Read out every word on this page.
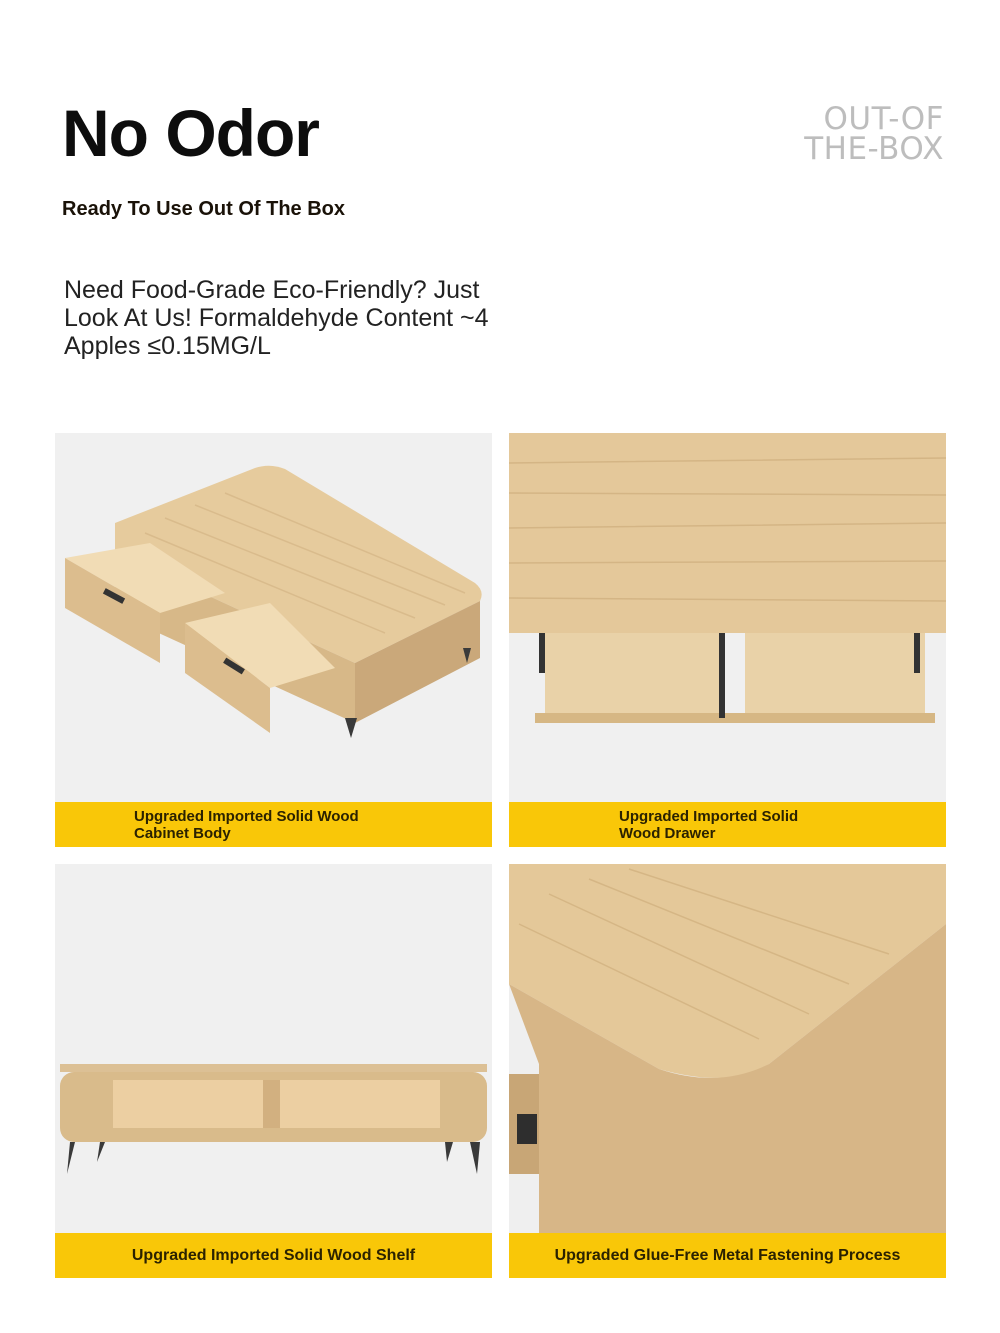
No Odor
Ready To Use Out Of The Box
OUT-OF
THE-BOX
Need Food-Grade Eco-Friendly? Just Look At Us! Formaldehyde Content ~4 Apples ≤0.15MG/L
Upgraded Imported Solid Wood Cabinet Body
Upgraded Imported Solid Wood Drawer
Upgraded Imported Solid Wood Shelf	Upgraded Glue-Free Metal Fastening Process
